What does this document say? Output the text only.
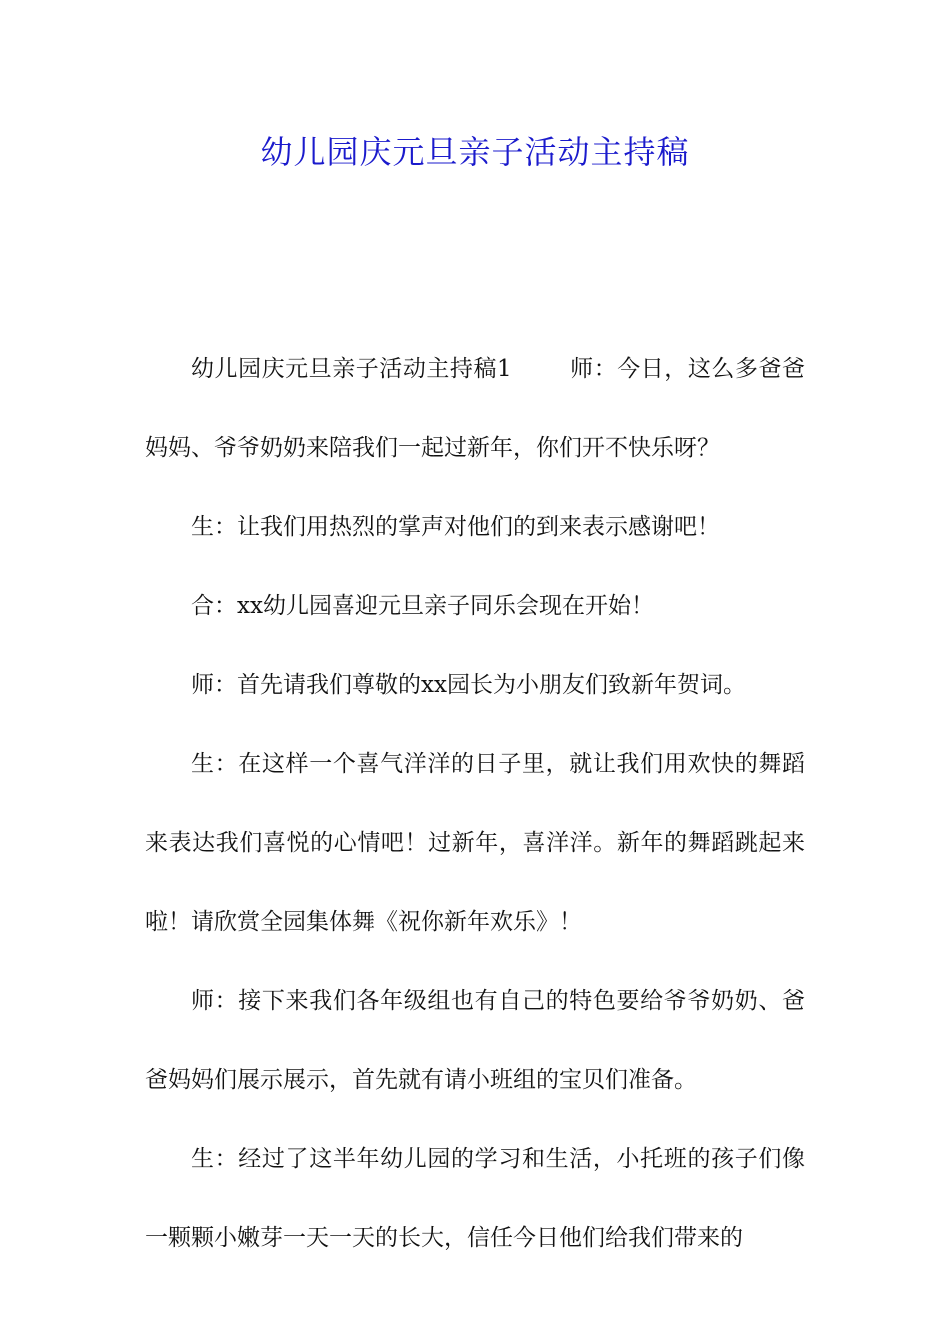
幼儿园庆元旦亲子活动主持稿

幼儿园庆元旦亲子活动主持稿1	师：今日，这么多爸爸妈妈、爷爷奶奶来陪我们一起过新年，你们开不快乐呀？

生：让我们用热烈的掌声对他们的到来表示感谢吧！

合：xx幼儿园喜迎元旦亲子同乐会现在开始！

师：首先请我们尊敬的xx园长为小朋友们致新年贺词。

生：在这样一个喜气洋洋的日子里，就让我们用欢快的舞蹈来表达我们喜悦的心情吧！过新年，喜洋洋。新年的舞蹈跳起来啦！请欣赏全园集体舞《祝你新年欢乐》！

师：接下来我们各年级组也有自己的特色要给爷爷奶奶、爸爸妈妈们展示展示，首先就有请小班组的宝贝们准备。

生：经过了这半年幼儿园的学习和生活，小托班的孩子们像一颗颗小嫩芽一天一天的长大，信任今日他们给我们带来的
